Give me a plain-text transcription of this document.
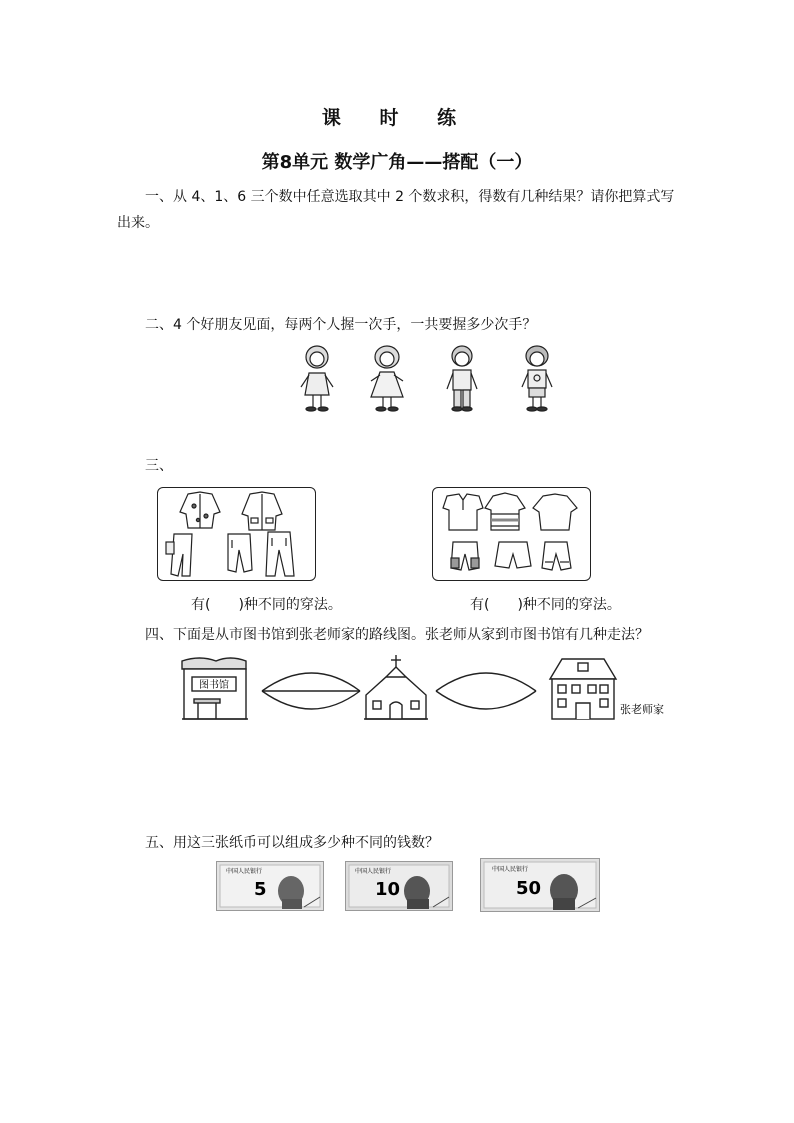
课 时 练
第8单元 数学广角——搭配（一）
一、从 4、1、6 三个数中任意选取其中 2 个数求积，得数有几种结果？请你把算式写出来。
二、4 个好朋友见面，每两个人握一次手，一共要握多少次手？
三、
有(　　)种不同的穿法。	有(　　)种不同的穿法。
四、下面是从市图书馆到张老师家的路线图。张老师从家到市图书馆有几种走法？
图书馆
张老师家
五、用这三张纸币可以组成多少种不同的钱数？
中国人民银行
5
中国人民银行
10
中国人民银行
50
